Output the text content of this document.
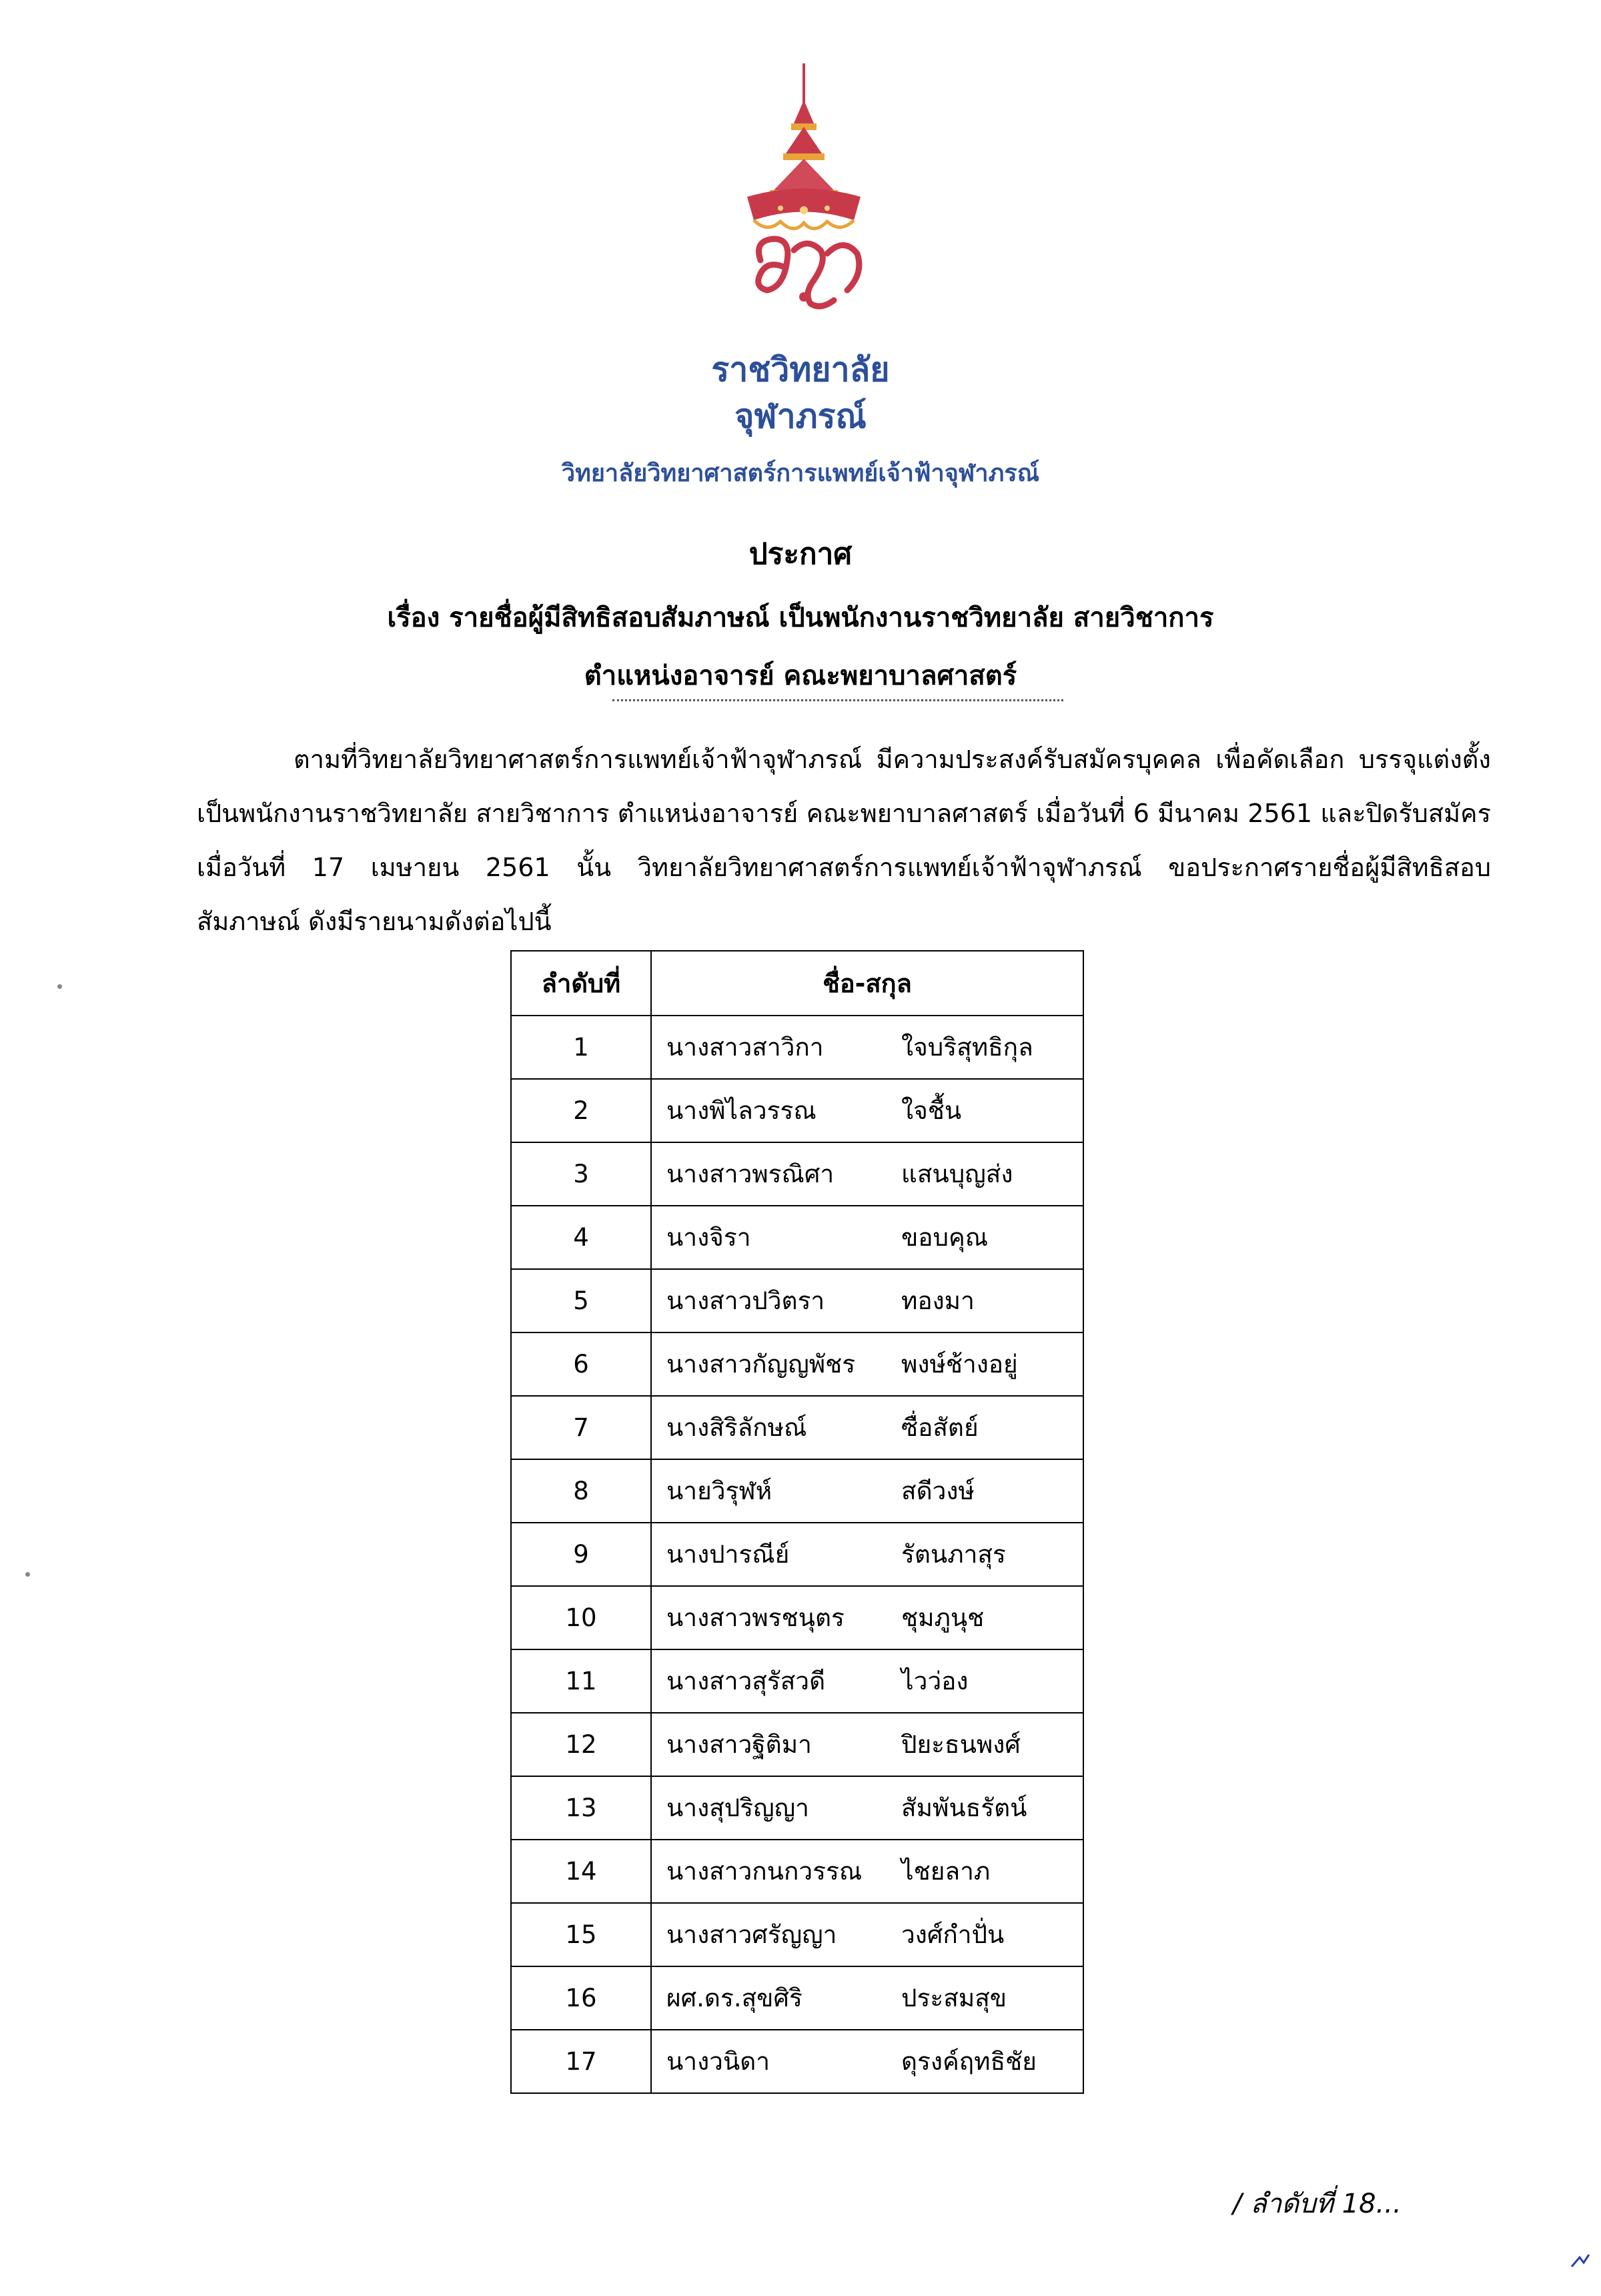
ราชวิทยาลัย
จุฬาภรณ์
วิทยาลัยวิทยาศาสตร์การแพทย์เจ้าฟ้าจุฬาภรณ์
ประกาศ
เรื่อง รายชื่อผู้มีสิทธิสอบสัมภาษณ์ เป็นพนักงานราชวิทยาลัย สายวิชาการ
ตำแหน่งอาจารย์ คณะพยาบาลศาสตร์
ตามที่วิทยาลัยวิทยาศาสตร์การแพทย์เจ้าฟ้าจุฬาภรณ์ มีความประสงค์รับสมัครบุคคล เพื่อคัดเลือก บรรจุแต่งตั้ง
เป็นพนักงานราชวิทยาลัย สายวิชาการ ตำแหน่งอาจารย์ คณะพยาบาลศาสตร์ เมื่อวันที่ 6 มีนาคม 2561 และปิดรับสมัคร
เมื่อวันที่ 17 เมษายน 2561 นั้น วิทยาลัยวิทยาศาสตร์การแพทย์เจ้าฟ้าจุฬาภรณ์ ขอประกาศรายชื่อผู้มีสิทธิสอบ
สัมภาษณ์ ดังมีรายนามดังต่อไปนี้
ลำดับที่	ชื่อ-สกุล
1	นางสาวสาวิกา ใจบริสุทธิกุล
2	นางพิไลวรรณ ใจชื้น
3	นางสาวพรณิศา แสนบุญส่ง
4	นางจิรา ขอบคุณ
5	นางสาวปวิตรา ทองมา
6	นางสาวกัญญพัชร พงษ์ช้างอยู่
7	นางสิริลักษณ์ ซื่อสัตย์
8	นายวิรุฬห์ สดีวงษ์
9	นางปารณีย์ รัตนภาสุร
10	นางสาวพรชนุตร ชุมภูนุช
11	นางสาวสุรัสวดี ไวว่อง
12	นางสาวฐิติมา ปิยะธนพงศ์
13	นางสุปริญญา สัมพันธรัตน์
14	นางสาวกนกวรรณ ไชยลาภ
15	นางสาวศรัญญา วงศ์กำปั่น
16	ผศ.ดร.สุขศิริ ประสมสุข
17	นางวนิดา ดุรงค์ฤทธิชัย
/ ลำดับที่ 18...
